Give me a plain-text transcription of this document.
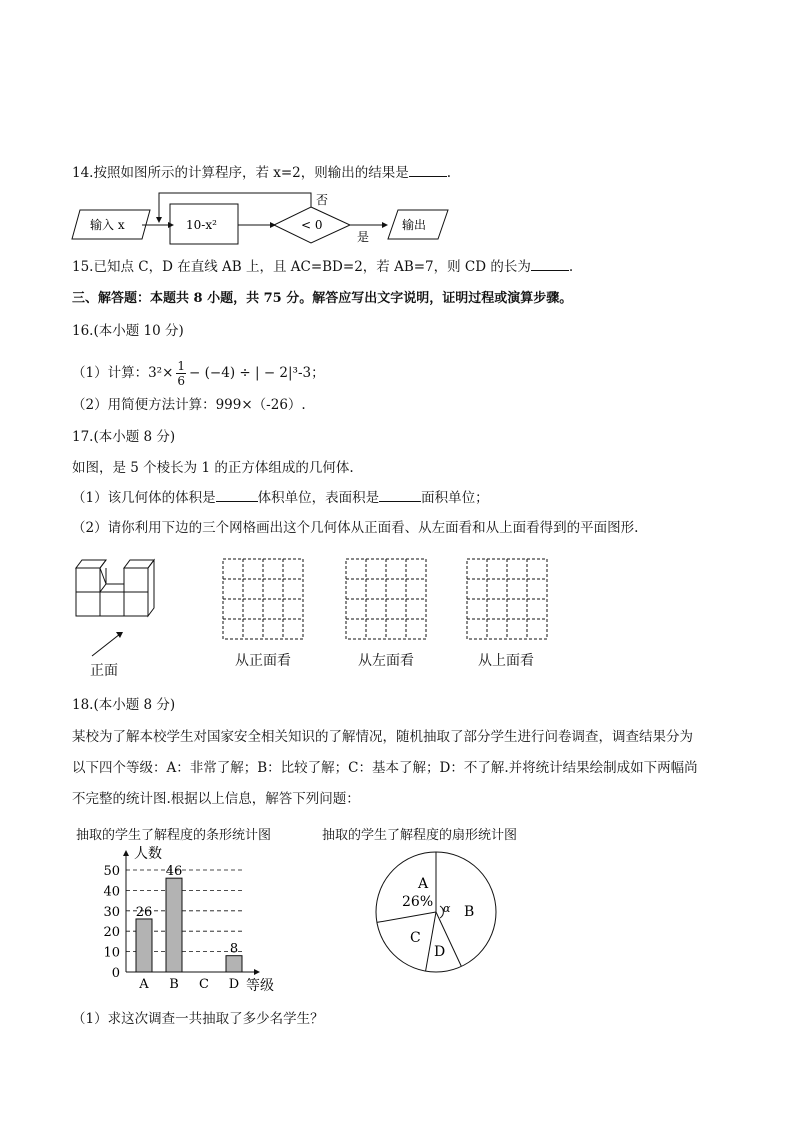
14.按照如图所示的计算程序，若 x=2，则输出的结果是	.
输入 x	10-x²	< 0
否
是
输出
15.已知点 C，D 在直线 AB 上，且 AC=BD=2，若 AB=7，则 CD 的长为	.
三、解答题：本题共 8 小题，共 75 分。解答应写出文字说明，证明过程或演算步骤。
16.(本小题 10 分)
（1）计算：$3^2\times \frac{1}{6} - (-4)$ ÷ | − 2|³-3；
（2）用简便方法计算：999×（-26）.
17.(本小题 8 分)
如图，是 5 个棱长为 1 的正方体组成的几何体.
（1）该几何体的体积是	体积单位，表面积是	面积单位；
（2）请你利用下边的三个网格画出这个几何体从正面看、从左面看和从上面看得到的平面图形.
正面
从正面看	从左面看	从上面看
18.(本小题 8 分)
某校为了解本校学生对国家安全相关知识的了解情况，随机抽取了部分学生进行问卷调查，调查结果分为
以下四个等级：A：非常了解；B：比较了解；C：基本了解；D：不了解.并将统计结果绘制成如下两幅尚
不完整的统计图.根据以上信息，解答下列问题：
抽取的学生了解程度的条形统计图	抽取的学生了解程度的扇形统计图
0
10
20
30
40
50
人数
等级
26
A
46
B C
8
D
A
26%
B
C
D
α
（1）求这次调查一共抽取了多少名学生？
